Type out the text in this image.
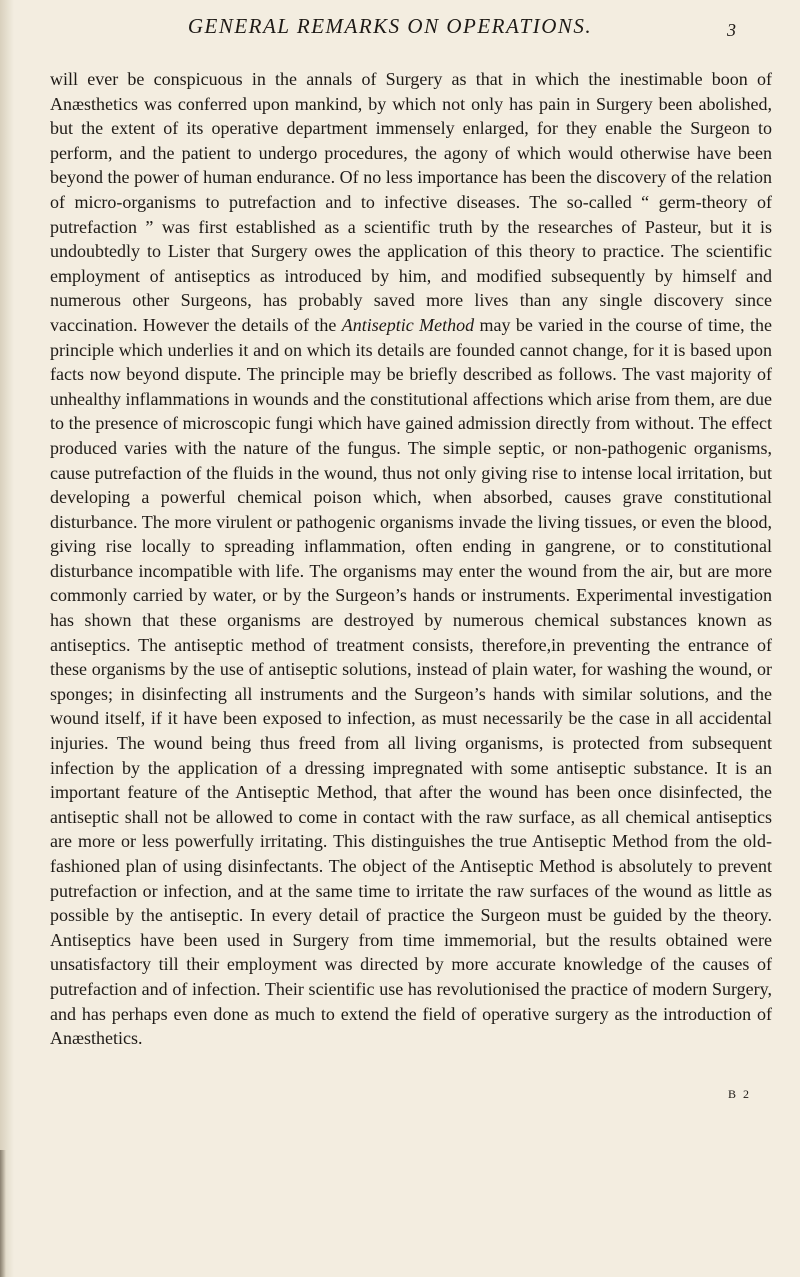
GENERAL REMARKS ON OPERATIONS.	3

will ever be conspicuous in the annals of Surgery as that in which the inestimable boon of Anæsthetics was conferred upon mankind, by which not only has pain in Surgery been abolished, but the extent of its operative department immensely enlarged, for they enable the Surgeon to perform, and the patient to undergo procedures, the agony of which would otherwise have been beyond the power of human endurance. Of no less importance has been the discovery of the relation of micro-organisms to putrefaction and to infective diseases. The so-called “ germ-theory of putrefaction ” was first established as a scientific truth by the researches of Pasteur, but it is undoubtedly to Lister that Surgery owes the application of this theory to practice. The scientific employment of antiseptics as introduced by him, and modified subsequently by himself and numerous other Surgeons, has probably saved more lives than any single discovery since vaccination. However the details of the Antiseptic Method may be varied in the course of time, the principle which underlies it and on which its details are founded cannot change, for it is based upon facts now beyond dispute. The principle may be briefly described as follows. The vast majority of unhealthy inflammations in wounds and the constitutional affections which arise from them, are due to the presence of microscopic fungi which have gained admission directly from without. The effect produced varies with the nature of the fungus. The simple septic, or non-pathogenic organisms, cause putrefaction of the fluids in the wound, thus not only giving rise to intense local irritation, but developing a powerful chemical poison which, when absorbed, causes grave constitutional disturbance. The more virulent or pathogenic organisms invade the living tissues, or even the blood, giving rise locally to spreading inflammation, often ending in gangrene, or to constitutional disturbance incompatible with life. The organisms may enter the wound from the air, but are more commonly carried by water, or by the Surgeon’s hands or instruments. Experimental investigation has shown that these organisms are destroyed by numerous chemical substances known as antiseptics. The antiseptic method of treatment consists, therefore,in preventing the entrance of these organisms by the use of antiseptic solutions, instead of plain water, for washing the wound, or sponges; in disinfecting all instruments and the Surgeon’s hands with similar solutions, and the wound itself, if it have been exposed to infection, as must necessarily be the case in all accidental injuries. The wound being thus freed from all living organisms, is protected from subsequent infection by the application of a dressing impregnated with some antiseptic substance. It is an important feature of the Antiseptic Method, that after the wound has been once disinfected, the antiseptic shall not be allowed to come in contact with the raw surface, as all chemical antiseptics are more or less powerfully irritating. This distinguishes the true Antiseptic Method from the old-fashioned plan of using disinfectants. The object of the Antiseptic Method is absolutely to prevent putrefaction or infection, and at the same time to irritate the raw surfaces of the wound as little as possible by the antiseptic. In every detail of practice the Surgeon must be guided by the theory. Antiseptics have been used in Surgery from time immemorial, but the results obtained were unsatisfactory till their employment was directed by more accurate knowledge of the causes of putrefaction and of infection. Their scientific use has revolutionised the practice of modern Surgery, and has perhaps even done as much to extend the field of operative surgery as the introduction of Anæsthetics.

B 2
